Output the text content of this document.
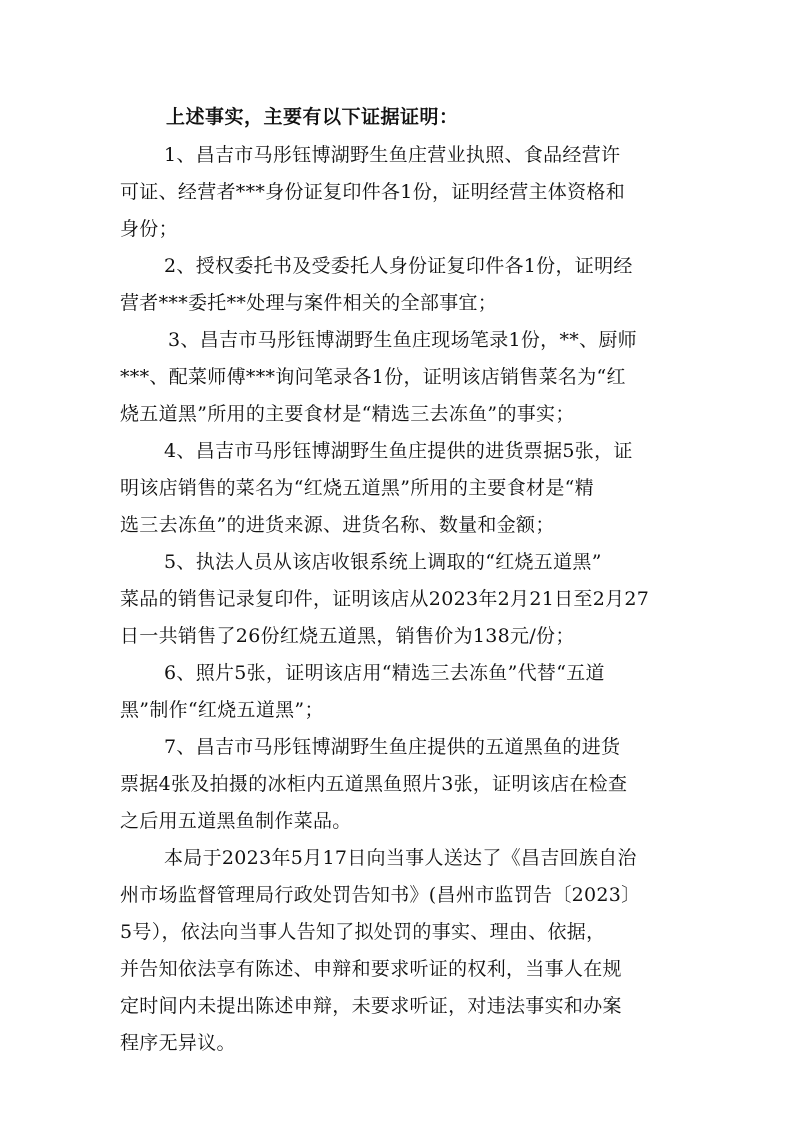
上述事实，主要有以下证据证明：
1、昌吉市马彤钰博湖野生鱼庄营业执照、食品经营许
可证、经营者***身份证复印件各1份，证明经营主体资格和
身份；
2、授权委托书及受委托人身份证复印件各1份，证明经
营者***委托**处理与案件相关的全部事宜；
3、昌吉市马彤钰博湖野生鱼庄现场笔录1份，**、厨师
***、配菜师傅***询问笔录各1份，证明该店销售菜名为“红
烧五道黑”所用的主要食材是“精选三去冻鱼”的事实；
4、昌吉市马彤钰博湖野生鱼庄提供的进货票据5张，证
明该店销售的菜名为“红烧五道黑”所用的主要食材是“精
选三去冻鱼”的进货来源、进货名称、数量和金额；
5、执法人员从该店收银系统上调取的“红烧五道黑”
菜品的销售记录复印件，证明该店从2023年2月21日至2月27
日一共销售了26份红烧五道黑，销售价为138元/份；
6、照片5张，证明该店用“精选三去冻鱼”代替“五道
黑”制作“红烧五道黑”；
7、昌吉市马彤钰博湖野生鱼庄提供的五道黑鱼的进货
票据4张及拍摄的冰柜内五道黑鱼照片3张，证明该店在检查
之后用五道黑鱼制作菜品。
本局于2023年5月17日向当事人送达了《昌吉回族自治
州市场监督管理局行政处罚告知书》(昌州市监罚告〔2023〕
5号），依法向当事人告知了拟处罚的事实、理由、依据，
并告知依法享有陈述、申辩和要求听证的权利，当事人在规
定时间内未提出陈述申辩，未要求听证，对违法事实和办案
程序无异议。
